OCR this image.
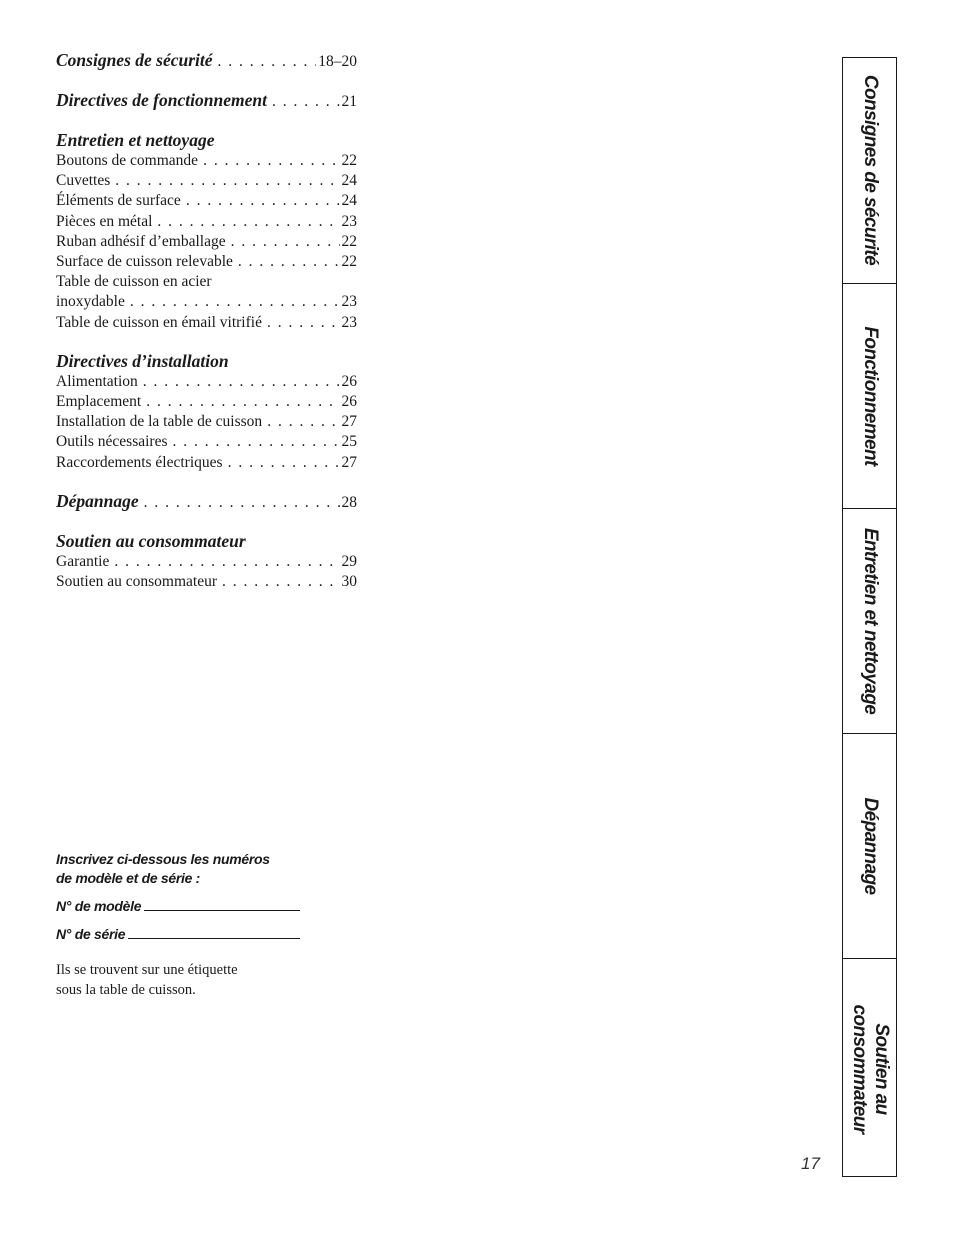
Consignes de sécurité . . .	18–20
Directives de fonctionnement . . .	21
Entretien et nettoyage
Boutons de commande . . .	22
Cuvettes . . .	24
Éléments de surface . . .	24
Pièces en métal . . .	23
Ruban adhésif d’emballage . . .	22
Surface de cuisson relevable . . .	22
Table de cuisson en acier
inoxydable . . .	23
Table de cuisson en émail vitrifié . . .	23
Directives d’installation
Alimentation . . .	26
Emplacement . . .	26
Installation de la table de cuisson . . .	27
Outils nécessaires . . .	25
Raccordements électriques . . .	27
Dépannage . . .	28
Soutien au consommateur
Garantie . . .	29
Soutien au consommateur . . .	30
Inscrivez ci-dessous les numéros
de modèle et de série :
N° de modèle
N° de série
Ils se trouvent sur une étiquette
sous la table de cuisson.
Consignes de sécurité
Fonctionnement
Entretien et nettoyage
Dépannage
Soutien au
consommateur
17
